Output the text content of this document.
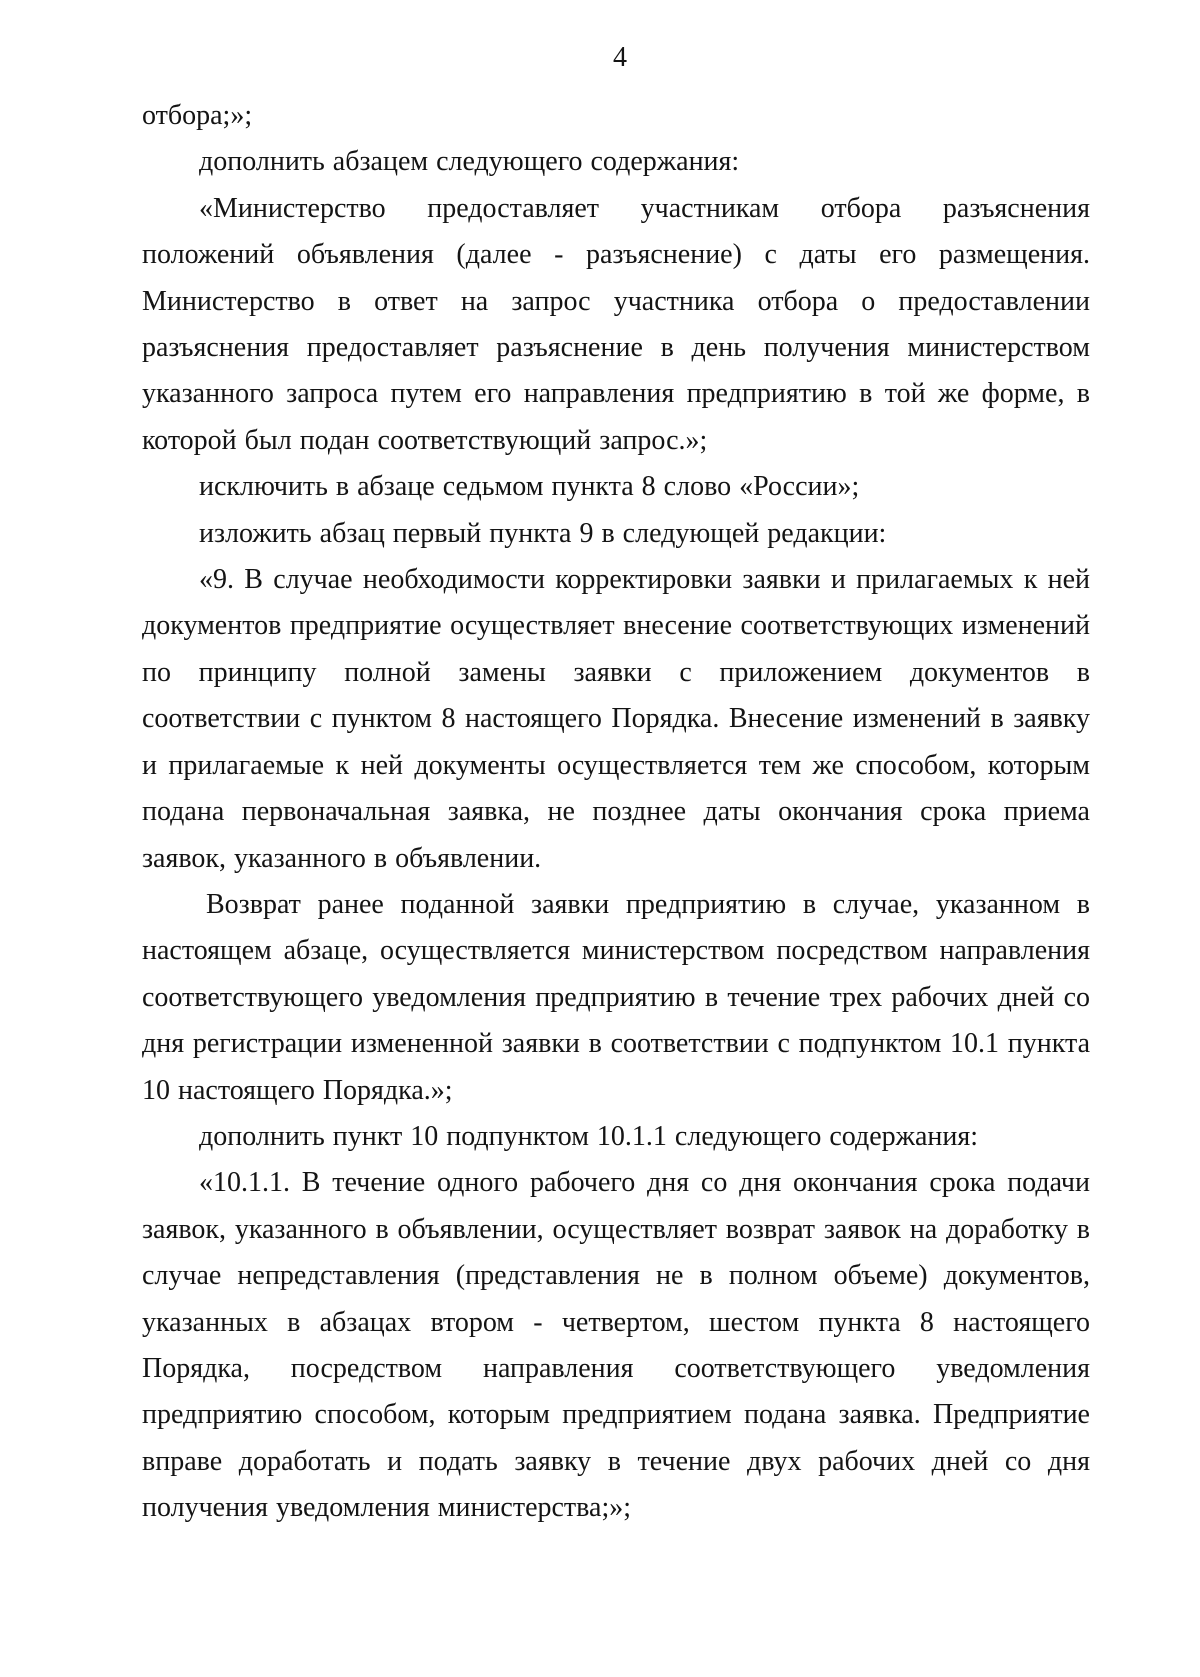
4

отбора;»;

дополнить абзацем следующего содержания:

«Министерство предоставляет участникам отбора разъяснения положений объявления (далее - разъяснение) с даты его размещения. Министерство в ответ на запрос участника отбора о предоставлении разъяснения предоставляет разъяснение в день получения министерством указанного запроса путем его направления предприятию в той же форме, в которой был подан соответствующий запрос.»;

исключить в абзаце седьмом пункта 8 слово «России»;

изложить абзац первый пункта 9 в следующей редакции:

«9. В случае необходимости корректировки заявки и прилагаемых к ней документов предприятие осуществляет внесение соответствующих изменений по принципу полной замены заявки с приложением документов в соответствии с пунктом 8 настоящего Порядка. Внесение изменений в заявку и прилагаемые к ней документы осуществляется тем же способом, которым подана первоначальная заявка, не позднее даты окончания срока приема заявок, указанного в объявлении.

Возврат ранее поданной заявки предприятию в случае, указанном в настоящем абзаце, осуществляется министерством посредством направления соответствующего уведомления предприятию в течение трех рабочих дней со дня регистрации измененной заявки в соответствии с подпунктом 10.1 пункта 10 настоящего Порядка.»;

дополнить пункт 10 подпунктом 10.1.1 следующего содержания:

«10.1.1. В течение одного рабочего дня со дня окончания срока подачи заявок, указанного в объявлении, осуществляет возврат заявок на доработку в случае непредставления (представления не в полном объеме) документов, указанных в абзацах втором - четвертом, шестом пункта 8 настоящего Порядка, посредством направления соответствующего уведомления предприятию способом, которым предприятием подана заявка. Предприятие вправе доработать и подать заявку в течение двух рабочих дней со дня получения уведомления министерства;»;
